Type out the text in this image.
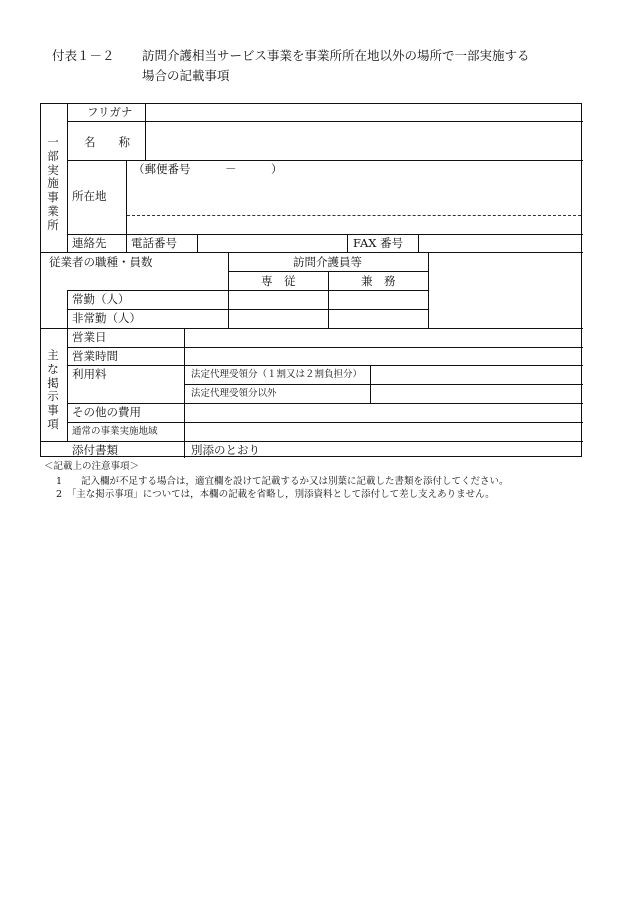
付表１－２ 訪問介護相当サービス事業を事業所所在地以外の場所で一部実施する
場合の記載事項
一
部
実
施
事
業
所
フリガナ
名　　称
所在地
（郵便番号　　　－　　　）
連絡先 電話番号	FAX 番号
従業者の職種・員数	訪問介護員等
専　従	兼　務
常勤（人）
非常勤（人）
主
な
掲
示
事
項
営業日
営業時間
利用料	法定代理受領分（１割又は２割負担分）
法定代理受領分以外
その他の費用
通常の事業実施地域
添付書類	別添のとおり
＜記載上の注意事項＞
1　　記入欄が不足する場合は，適宜欄を設けて記載するか又は別葉に記載した書類を添付してください。
2　「主な掲示事項」については，本欄の記載を省略し，別添資料として添付して差し支えありません。
